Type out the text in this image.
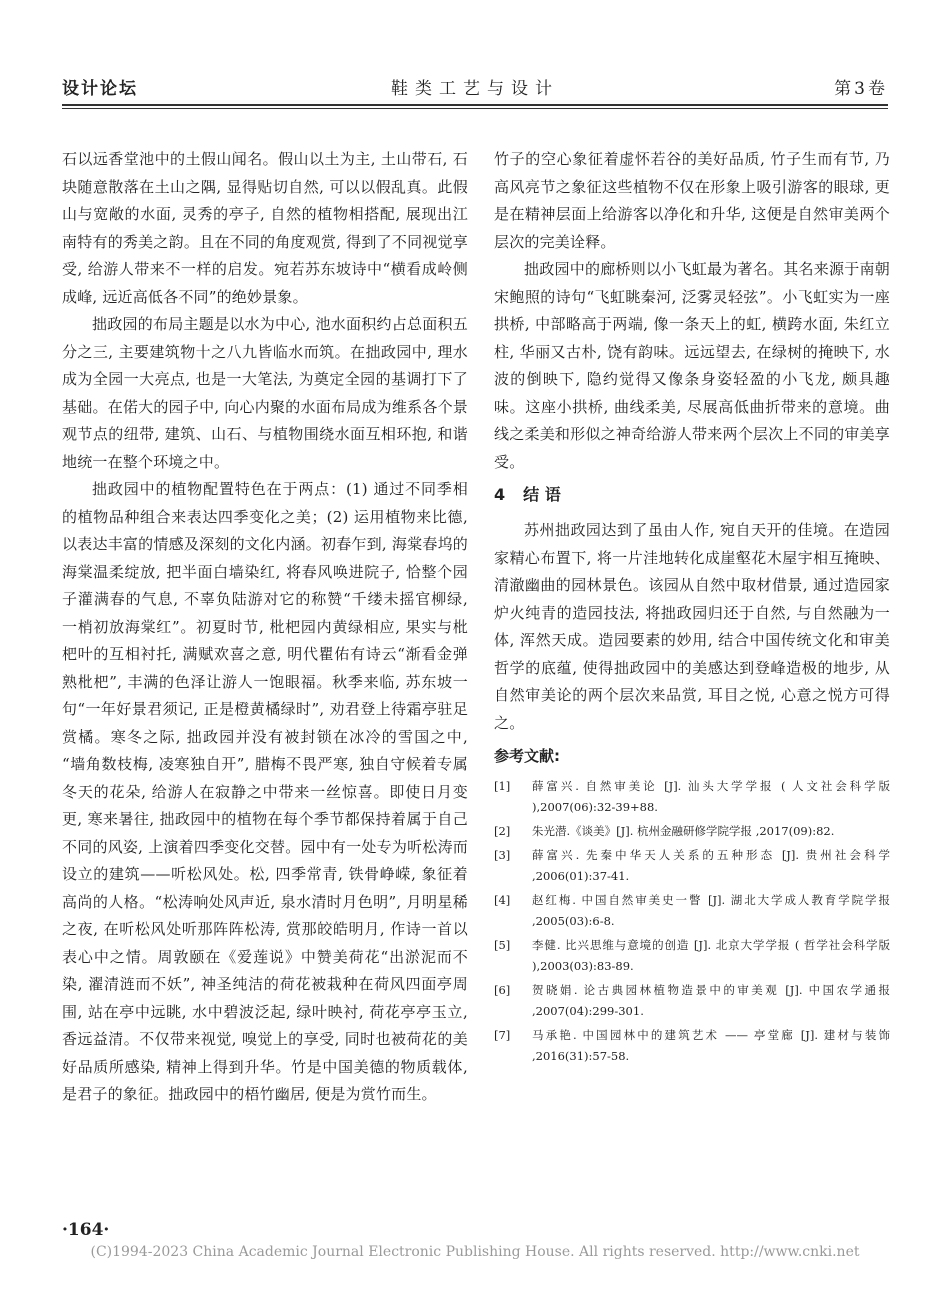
设计论坛	鞋类工艺与设计	第3卷

石以远香堂池中的土假山闻名。假山以土为主, 土山带石, 石块随意散落在土山之隅, 显得贴切自然, 可以以假乱真。此假山与宽敞的水面, 灵秀的亭子, 自然的植物相搭配, 展现出江南特有的秀美之韵。且在不同的角度观赏, 得到了不同视觉享受, 给游人带来不一样的启发。宛若苏东坡诗中“横看成岭侧成峰, 远近高低各不同”的绝妙景象。

拙政园的布局主题是以水为中心, 池水面积约占总面积五分之三, 主要建筑物十之八九皆临水而筑。在拙政园中, 理水成为全园一大亮点, 也是一大笔法, 为奠定全园的基调打下了基础。在偌大的园子中, 向心内聚的水面布局成为维系各个景观节点的纽带, 建筑、山石、与植物围绕水面互相环抱, 和谐地统一在整个环境之中。

拙政园中的植物配置特色在于两点：(1) 通过不同季相的植物品种组合来表达四季变化之美；(2) 运用植物来比德, 以表达丰富的情感及深刻的文化内涵。初春乍到, 海棠春坞的海棠温柔绽放, 把半面白墙染红, 将春风唤进院子, 恰整个园子灌满春的气息, 不辜负陆游对它的称赞“千缕未摇官柳绿, 一梢初放海棠红”。初夏时节, 枇杷园内黄绿相应, 果实与枇杷叶的互相衬托, 满赋欢喜之意, 明代瞿佑有诗云“渐看金弹熟枇杷”, 丰满的色泽让游人一饱眼福。秋季来临, 苏东坡一句“一年好景君须记, 正是橙黄橘绿时”, 劝君登上待霜亭驻足赏橘。寒冬之际, 拙政园并没有被封锁在冰冷的雪国之中, “墙角数枝梅, 凌寒独自开”, 腊梅不畏严寒, 独自守候着专属冬天的花朵, 给游人在寂静之中带来一丝惊喜。即使日月变更, 寒来暑往, 拙政园中的植物在每个季节都保持着属于自己不同的风姿, 上演着四季变化交替。园中有一处专为听松涛而设立的建筑——听松风处。松, 四季常青, 铁骨峥嵘, 象征着高尚的人格。“松涛响处风声近, 泉水清时月色明”, 月明星稀之夜, 在听松风处听那阵阵松涛, 赏那皎皓明月, 作诗一首以表心中之情。周敦颐在《爱莲说》中赞美荷花“出淤泥而不染, 濯清涟而不妖”, 神圣纯洁的荷花被栽种在荷风四面亭周围, 站在亭中远眺, 水中碧波泛起, 绿叶映衬, 荷花亭亭玉立, 香远益清。不仅带来视觉, 嗅觉上的享受, 同时也被荷花的美好品质所感染, 精神上得到升华。竹是中国美德的物质载体, 是君子的象征。拙政园中的梧竹幽居, 便是为赏竹而生。

竹子的空心象征着虚怀若谷的美好品质, 竹子生而有节, 乃高风亮节之象征这些植物不仅在形象上吸引游客的眼球, 更是在精神层面上给游客以净化和升华, 这便是自然审美两个层次的完美诠释。

拙政园中的廊桥则以小飞虹最为著名。其名来源于南朝宋鲍照的诗句“飞虹眺秦河, 泛雾灵轻弦”。小飞虹实为一座拱桥, 中部略高于两端, 像一条天上的虹, 横跨水面, 朱红立柱, 华丽又古朴, 饶有韵味。远远望去, 在绿树的掩映下, 水波的倒映下, 隐约觉得又像条身姿轻盈的小飞龙, 颇具趣味。这座小拱桥, 曲线柔美, 尽展高低曲折带来的意境。曲线之柔美和形似之神奇给游人带来两个层次上不同的审美享受。

4 结 语

苏州拙政园达到了虽由人作, 宛自天开的佳境。在造园家精心布置下, 将一片洼地转化成崖壑花木屋宇相互掩映、清澈幽曲的园林景色。该园从自然中取材借景, 通过造园家炉火纯青的造园技法, 将拙政园归还于自然, 与自然融为一体, 浑然天成。造园要素的妙用, 结合中国传统文化和审美哲学的底蕴, 使得拙政园中的美感达到登峰造极的地步, 从自然审美论的两个层次来品赏, 耳目之悦, 心意之悦方可得之。

参考文献:
[1]	薛富兴. 自然审美论 [J]. 汕头大学学报 ( 人文社会科学版 ),2007(06):32-39+88.
[2]	朱光潜.《谈美》[J]. 杭州金融研修学院学报 ,2017(09):82.
[3]	薛富兴. 先秦中华天人关系的五种形态 [J]. 贵州社会科学 ,2006(01):37-41.
[4]	赵红梅. 中国自然审美史一瞥 [J]. 湖北大学成人教育学院学报 ,2005(03):6-8.
[5]	李健. 比兴思维与意境的创造 [J]. 北京大学学报 ( 哲学社会科学版 ),2003(03):83-89.
[6]	贺晓娟. 论古典园林植物造景中的审美观 [J]. 中国农学通报 ,2007(04):299-301.
[7]	马承艳. 中国园林中的建筑艺术 —— 亭堂廊 [J]. 建材与装饰 ,2016(31):57-58.
·164·
(C)1994-2023 China Academic Journal Electronic Publishing House. All rights reserved. http://www.cnki.net
